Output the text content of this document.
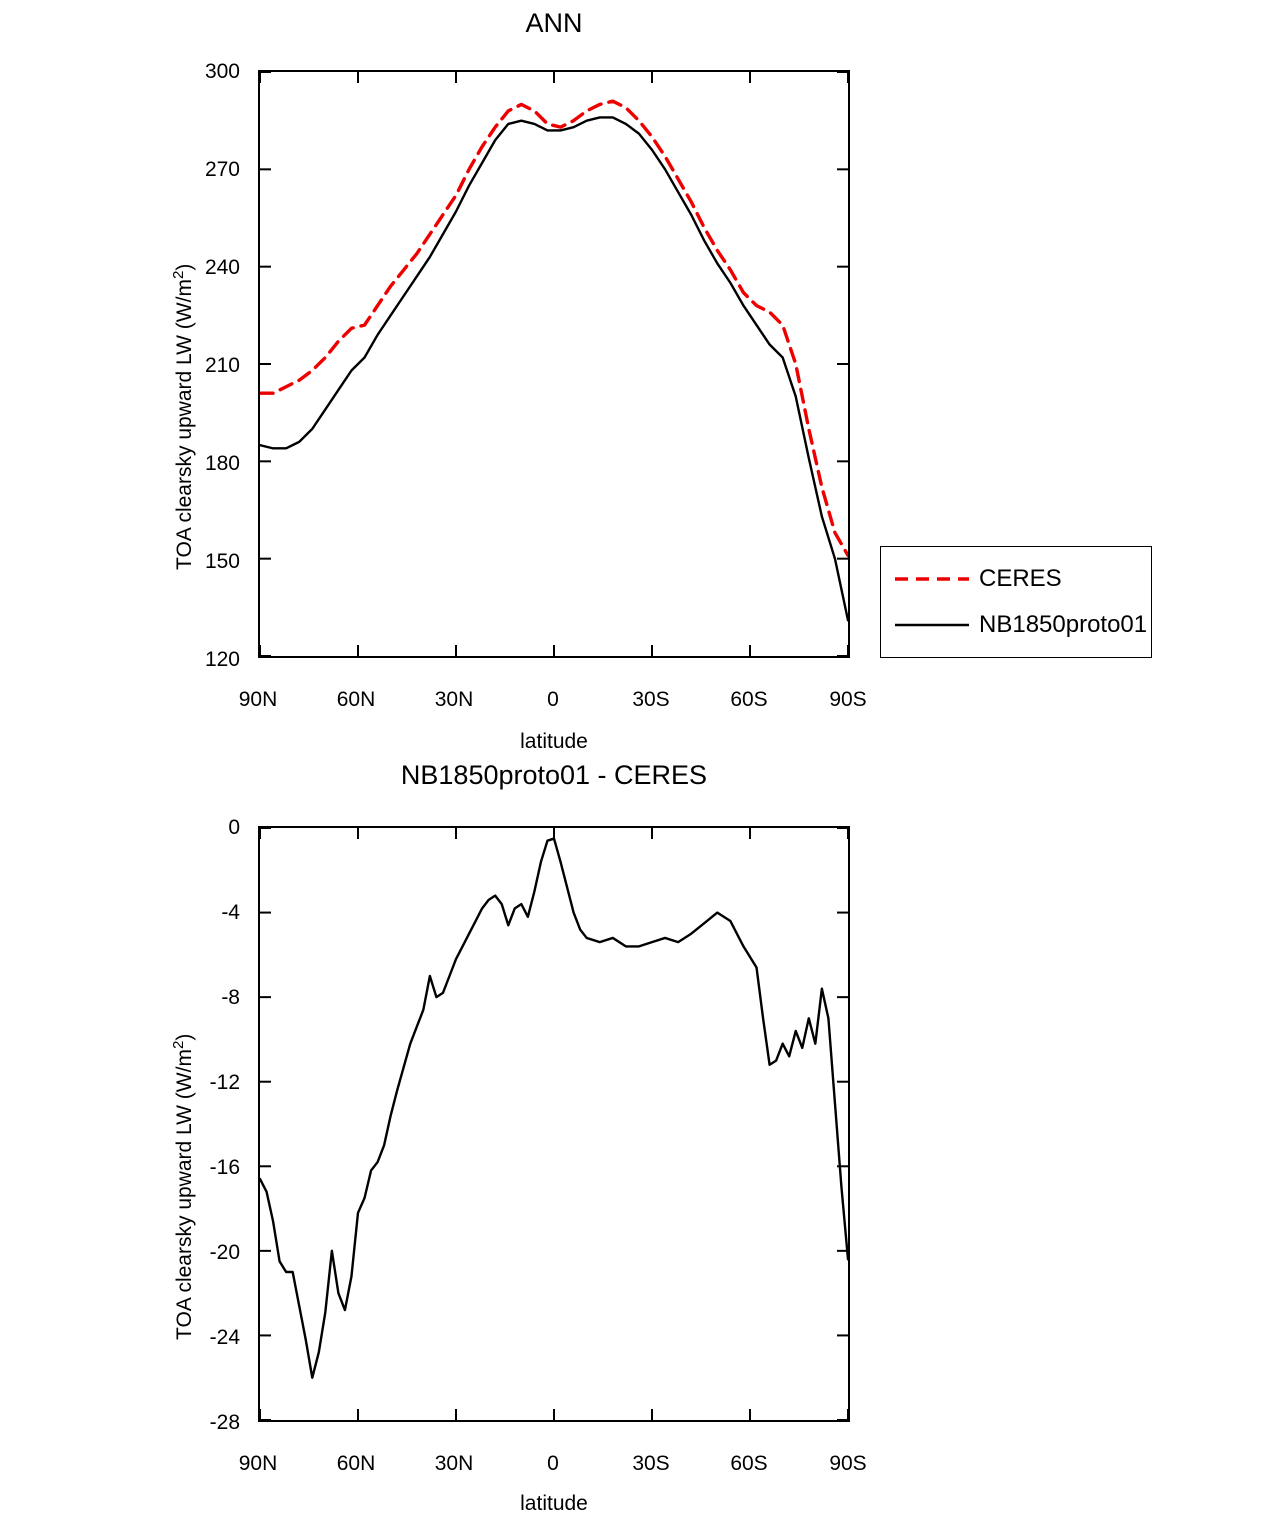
ANN
TOA clearsky upward LW $(W/m^2)$
300
270
240
210
180
150
120
90N	60N	30N	0	30S	60S	90S
latitude
CERES
NB1850proto01
NB1850proto01 - CERES
TOA clearsky upward LW $(W/m^2)$
0
-4
-8
-12
-16
-20
-24
-28
90N	60N	30N	0	30S	60S	90S
latitude
